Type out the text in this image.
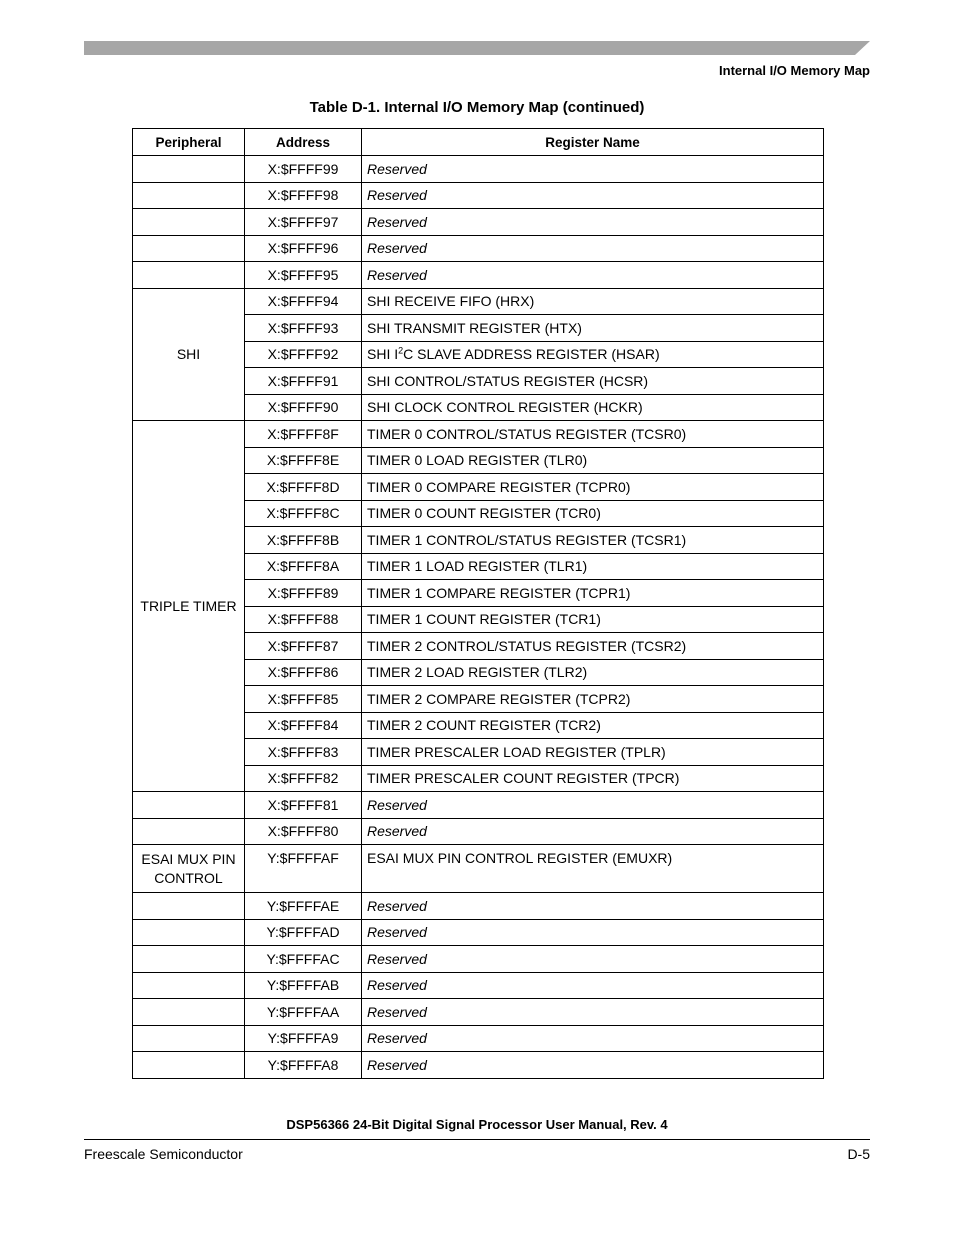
Internal I/O Memory Map
Table D-1. Internal I/O Memory Map (continued)
Peripheral	Address	Register Name
	X:$FFFF99	Reserved
	X:$FFFF98	Reserved
	X:$FFFF97	Reserved
	X:$FFFF96	Reserved
	X:$FFFF95	Reserved
SHI	X:$FFFF94	SHI RECEIVE FIFO (HRX)
	X:$FFFF93	SHI TRANSMIT REGISTER (HTX)
	X:$FFFF92	SHI $I^2C$ SLAVE ADDRESS REGISTER (HSAR)
	X:$FFFF91	SHI CONTROL/STATUS REGISTER (HCSR)
	X:$FFFF90	SHI CLOCK CONTROL REGISTER (HCKR)
TRIPLE TIMER	X:$FFFF8F	TIMER 0 CONTROL/STATUS REGISTER (TCSR0)
	X:$FFFF8E	TIMER 0 LOAD REGISTER (TLR0)
	X:$FFFF8D	TIMER 0 COMPARE REGISTER (TCPR0)
	X:$FFFF8C	TIMER 0 COUNT REGISTER (TCR0)
	X:$FFFF8B	TIMER 1 CONTROL/STATUS REGISTER (TCSR1)
	X:$FFFF8A	TIMER 1 LOAD REGISTER (TLR1)
	X:$FFFF89	TIMER 1 COMPARE REGISTER (TCPR1)
	X:$FFFF88	TIMER 1 COUNT REGISTER (TCR1)
	X:$FFFF87	TIMER 2 CONTROL/STATUS REGISTER (TCSR2)
	X:$FFFF86	TIMER 2 LOAD REGISTER (TLR2)
	X:$FFFF85	TIMER 2 COMPARE REGISTER (TCPR2)
	X:$FFFF84	TIMER 2 COUNT REGISTER (TCR2)
	X:$FFFF83	TIMER PRESCALER LOAD REGISTER (TPLR)
	X:$FFFF82	TIMER PRESCALER COUNT REGISTER (TPCR)
	X:$FFFF81	Reserved
	X:$FFFF80	Reserved
ESAI MUX PIN
CONTROL	Y:$FFFFAF	ESAI MUX PIN CONTROL REGISTER (EMUXR)
	Y:$FFFFAE	Reserved
	Y:$FFFFAD	Reserved
	Y:$FFFFAC	Reserved
	Y:$FFFFAB	Reserved
	Y:$FFFFAA	Reserved
	Y:$FFFFA9	Reserved
	Y:$FFFFA8	Reserved
DSP56366 24-Bit Digital Signal Processor User Manual, Rev. 4
Freescale Semiconductor	D-5
